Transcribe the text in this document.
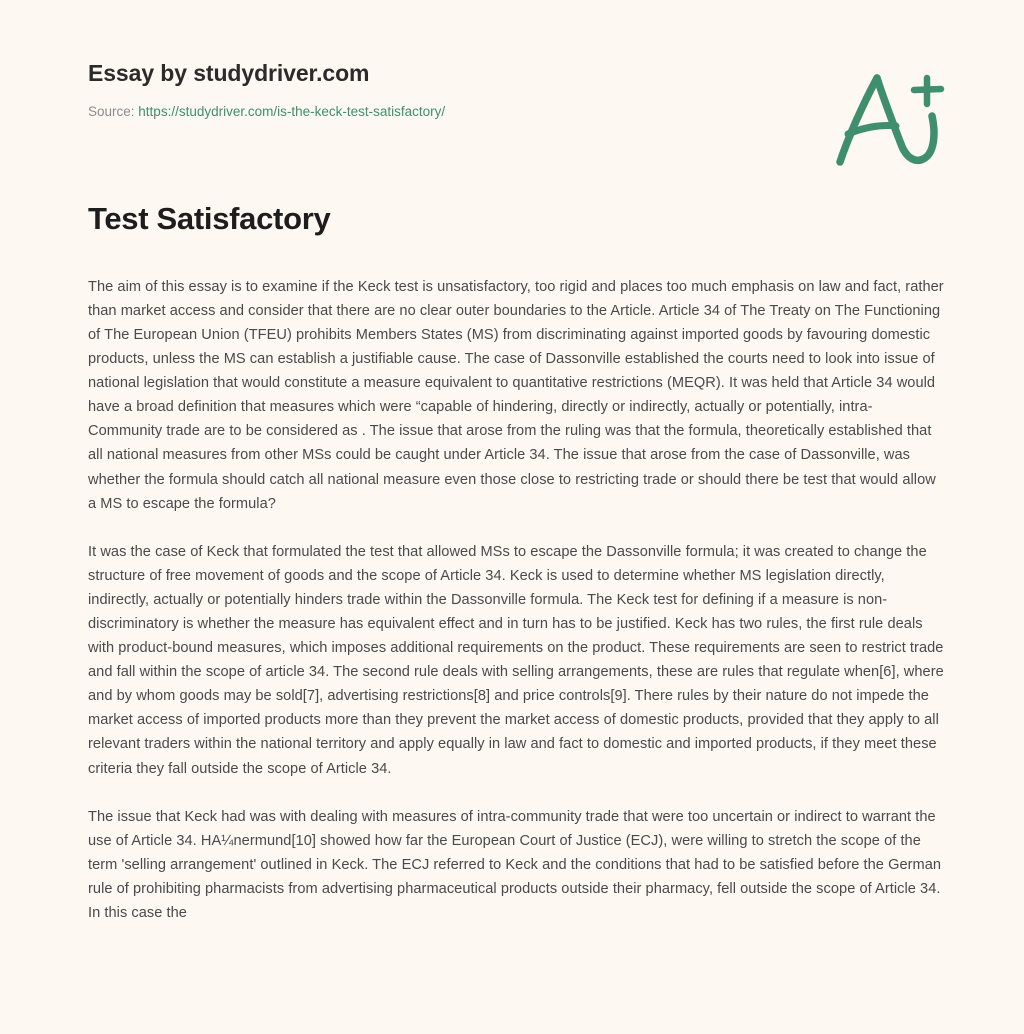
Essay by studydriver.com
Source: https://studydriver.com/is-the-keck-test-satisfactory/
Test Satisfactory

The aim of this essay is to examine if the Keck test is unsatisfactory, too rigid and places too much emphasis on law and fact, rather than market access and consider that there are no clear outer boundaries to the Article. Article 34 of The Treaty on The Functioning of The European Union (TFEU) prohibits Members States (MS) from discriminating against imported goods by favouring domestic products, unless the MS can establish a justifiable cause. The case of Dassonville established the courts need to look into issue of national legislation that would constitute a measure equivalent to quantitative restrictions (MEQR). It was held that Article 34 would have a broad definition that measures which were “capable of hindering, directly or indirectly, actually or potentially, intra-Community trade are to be considered as . The issue that arose from the ruling was that the formula, theoretically established that all national measures from other MSs could be caught under Article 34. The issue that arose from the case of Dassonville, was whether the formula should catch all national measure even those close to restricting trade or should there be test that would allow a MS to escape the formula?

It was the case of Keck that formulated the test that allowed MSs to escape the Dassonville formula; it was created to change the structure of free movement of goods and the scope of Article 34. Keck is used to determine whether MS legislation directly, indirectly, actually or potentially hinders trade within the Dassonville formula. The Keck test for defining if a measure is non-discriminatory is whether the measure has equivalent effect and in turn has to be justified. Keck has two rules, the first rule deals with product-bound measures, which imposes additional requirements on the product. These requirements are seen to restrict trade and fall within the scope of article 34. The second rule deals with selling arrangements, these are rules that regulate when[6], where and by whom goods may be sold[7], advertising restrictions[8] and price controls[9]. There rules by their nature do not impede the market access of imported products more than they prevent the market access of domestic products, provided that they apply to all relevant traders within the national territory and apply equally in law and fact to domestic and imported products, if they meet these criteria they fall outside the scope of Article 34.

The issue that Keck had was with dealing with measures of intra-community trade that were too uncertain or indirect to warrant the use of Article 34. HA¼nermund[10] showed how far the European Court of Justice (ECJ), were willing to stretch the scope of the term 'selling arrangement' outlined in Keck. The ECJ referred to Keck and the conditions that had to be satisfied before the German rule of prohibiting pharmacists from advertising pharmaceutical products outside their pharmacy, fell outside the scope of Article 34. In this case the
